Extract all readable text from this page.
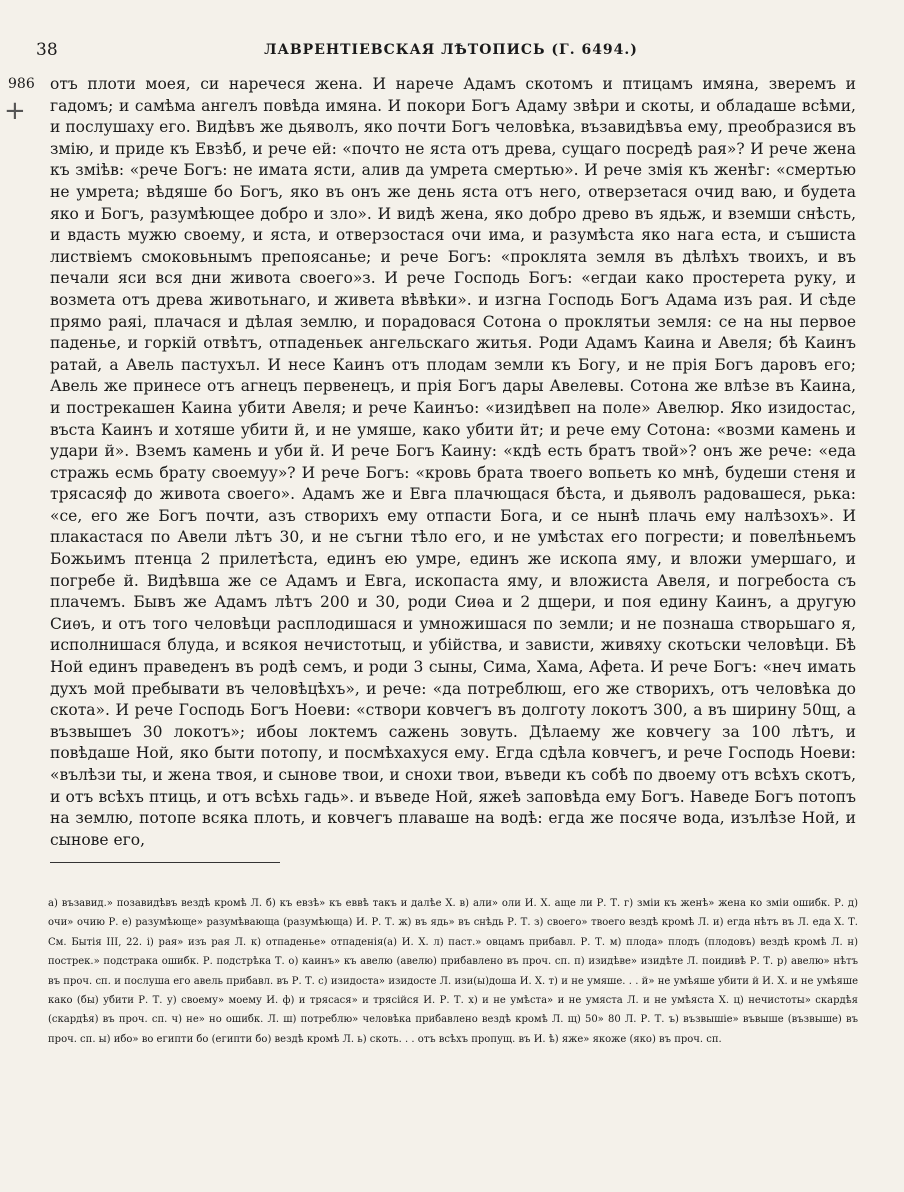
38	ЛАВРЕНТІЕВСКАЯ ЛѢТОПИСЬ (Г. 6494.)
986
+

отъ плоти моея, си наречеся жена. И нарече Адамъ скотомъ и птицамъ имяна, зверемъ и гадомъ; и самѣма ангелъ повѣда имяна. И покори Богъ Адаму звѣри и скоты, и обладаше всѣми, и послушаху его. Видѣвъ же дьяволъ, яко почти Богъ человѣка, възавидѣвъа ему, преобразися въ змію, и приде къ Евзѣб, и рече ей: «почто не яста отъ древа, сущаго посредѣ рая»? И рече жена къ зміѣв: «рече Богъ: не имата ясти, алив да умрета смертью». И рече змія къ женѣг: «смертью не умрета; вѣдяше бо Богъ, яко въ онъ же день яста отъ него, отверзетася очид ваю, и будета яко и Богъ, разумѣющее добро и зло». И видѣ жена, яко добро древо въ ядьж, и вземши снѣсть, и вдасть мужю своему, и яста, и отверзостася очи има, и разумѣста яко нага еста, и съшиста листвіемъ смоковьнымъ препоясанье; и рече Богъ: «проклята земля въ дѣлѣхъ твоихъ, и въ печали яси вся дни живота своего»з. И рече Господь Богъ: «егдаи како простерета руку, и возмета отъ древа животьнаго, и живета вѣвѣки». и изгна Господь Богъ Адама изъ рая. И сѣде прямо раяі, плачася и дѣлая землю, и порадовася Сотона о проклятьи земля: се на ны первое паденье, и горкій отвѣтъ, отпаденьек ангельскаго житья. Роди Адамъ Каина и Авеля; бѣ Каинъ ратай, а Авель пастухъл. И несе Каинъ отъ плодам земли къ Богу, и не прія Богъ даровъ его; Авель же принесе отъ агнецъ первенецъ, и прія Богъ дары Авелевы. Сотона же влѣзе въ Каина, и пострекашен Каина убити Авеля; и рече Каинъо: «изидѣвеп на поле» Авелюр. Яко изидостас, въста Каинъ и хотяше убити й, и не умяше, како убити йт; и рече ему Сотона: «возми камень и удари й». Вземъ камень и уби й. И рече Богъ Каину: «кдѣ есть братъ твой»? онъ же рече: «еда стражь есмь брату своемуу»? И рече Богъ: «кровь брата твоего вопьеть ко мнѣ, будеши стеня и трясасяф до живота своего». Адамъ же и Евга плачющася бѣста, и дьяволъ радовашеся, рька: «се, его же Богъ почти, азъ створихъ ему отпасти Бога, и се нынѣ плачь ему налѣзохъ». И плакастася по Авели лѣтъ 30, и не съгни тѣло его, и не умѣстах его погрести; и повелѣньемъ Божьимъ птенца 2 прилетѣста, единъ ею умре, единъ же ископа яму, и вложи умершаго, и погребе й. Видѣвша же се Адамъ и Евга, ископаста яму, и вложиста Авеля, и погребоста съ плачемъ. Бывъ же Адамъ лѣтъ 200 и 30, роди Сиѳа и 2 дщери, и поя едину Каинъ, а другую Сиѳъ, и отъ того человѣци расплодишася и умножишася по земли; и не познаша створьшаго я, исполнишася блуда, и всякоя нечистотыц, и убійства, и зависти, живяху скотьски человѣци. Бѣ Ной единъ праведенъ въ родѣ семъ, и роди 3 сыны, Сима, Хама, Афета. И рече Богъ: «неч имать духъ мой пребывати въ человѣцѣхъ», и рече: «да потреблюш, его же створихъ, отъ человѣка до скота». И рече Господь Богъ Ноеви: «створи ковчегъ въ долготу локотъ 300, а въ ширину 50щ, а възвышеъ 30 локотъ»; ибоы локтемъ сажень зовуть. Дѣлаему же ковчегу за 100 лѣтъ, и повѣдаше Ной, яко быти потопу, и посмѣхахуся ему. Егда сдѣла ковчегъ, и рече Господь Ноеви: «вълѣзи ты, и жена твоя, и сынове твои, и снохи твои, въведи къ собѣ по двоему отъ всѣхъ скотъ, и отъ всѣхъ птиць, и отъ всѣхь гадь». и въведе Ной, яжеѣ заповѣда ему Богъ. Наведе Богъ потопъ на землю, потопе всяка плоть, и ковчегъ плаваше на водѣ: егда же посяче вода, изълѣзе Ной, и сынове его,

а) възавид.» позавидѣвъ вездѣ кромѣ Л. б) къ евзѣ» къ еввѣ такъ и далѣе Х. в) али» оли И. Х. аще ли Р. Т. г) зміи къ женѣ» жена ко зміи ошибк. Р. д) очи» очию Р. е) разумѣюще» разумѣвающа (разумѣюща) И. Р. Т. ж) въ ядь» въ снѣдь Р. Т. з) своего» твоего вездѣ кромѣ Л. и) егда нѣтъ въ Л. еда Х. Т. См. Бытія III, 22. і) рая» изъ рая Л. к) отпаденье» отпаденія(а) И. Х. л) паст.» овцамъ прибавл. Р. Т. м) плода» плодъ (плодовъ) вездѣ кромѣ Л. н) пострек.» подстрака ошибк. Р. подстрѣка Т. о) каинъ» къ авелю (авелю) прибавлено въ проч. сп. п) изидѣве» изидѣте Л. поидивѣ Р. Т. р) авелю» нѣтъ въ проч. сп. и послуша его авель прибавл. въ Р. Т. с) изидоста» изидосте Л. изи(ы)доша И. Х. т) и не умяше. . . й» не умѣяше убити й И. Х. и не умѣяше како (бы) убити Р. Т. у) своему» моему И. ф) и трясася» и трясійся И. Р. Т. х) и не умѣста» и не умяста Л. и не умѣяста Х. ц) нечистоты» скардѣя (скардѣя) въ проч. сп. ч) не» но ошибк. Л. ш) потреблю» человѣка прибавлено вездѣ кромѣ Л. щ) 50» 80 Л. Р. Т. ъ) възвышіе» въвыше (възвыше) въ проч. сп. ы) ибо» во египти бо (египти бо) вездѣ кромѣ Л. ь) скоть. . . отъ всѣхъ пропущ. въ И. ѣ) яже» якоже (яко) въ проч. сп.
